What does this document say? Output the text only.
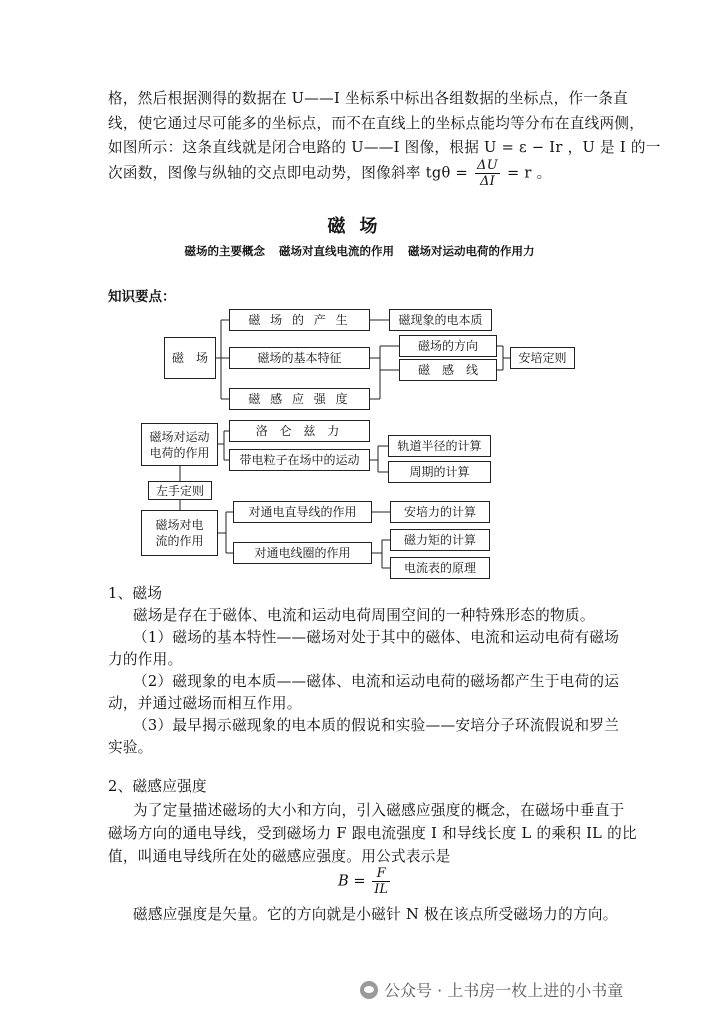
格，然后根据测得的数据在 U——I 坐标系中标出各组数据的坐标点，作一条直
线，使它通过尽可能多的坐标点，而不在直线上的坐标点能均等分布在直线两侧，
如图所示：这条直线就是闭合电路的 U——I 图像，根据 U = ε − Ir ，U 是 I 的一
次函数，图像与纵轴的交点即电动势，图像斜率 $tg\theta = \frac{\Delta U}{\Delta I} = r$ 。
磁场
磁场的主要概念 磁场对直线电流的作用 磁场对运动电荷的作用力
知识要点：
磁　场
磁 场 的 产 生	磁现象的电本质
磁场的基本特征
磁场的方向
磁　感　线
安培定则
磁 感 应 强 度
磁场对运动电荷的作用
洛 仑 兹 力
带电粒子在场中的运动
轨道半径的计算
周期的计算
左手定则
磁场对电流的作用
对通电直导线的作用	安培力的计算
对通电线圈的作用
磁力矩的计算
电流表的原理
1、磁场
磁场是存在于磁体、电流和运动电荷周围空间的一种特殊形态的物质。
（1）磁场的基本特性——磁场对处于其中的磁体、电流和运动电荷有磁场
力的作用。
（2）磁现象的电本质——磁体、电流和运动电荷的磁场都产生于电荷的运
动，并通过磁场而相互作用。
（3）最早揭示磁现象的电本质的假说和实验——安培分子环流假说和罗兰
实验。
2、磁感应强度
为了定量描述磁场的大小和方向，引入磁感应强度的概念，在磁场中垂直于
磁场方向的通电导线，受到磁场力 F 跟电流强度 I 和导线长度 L 的乘积 IL 的比
值，叫通电导线所在处的磁感应强度。用公式表示是
$B = \frac{F}{IL}$
磁感应强度是矢量。它的方向就是小磁针 N 极在该点所受磁场力的方向。
公众号 · 上书房一枚上进的小书童
